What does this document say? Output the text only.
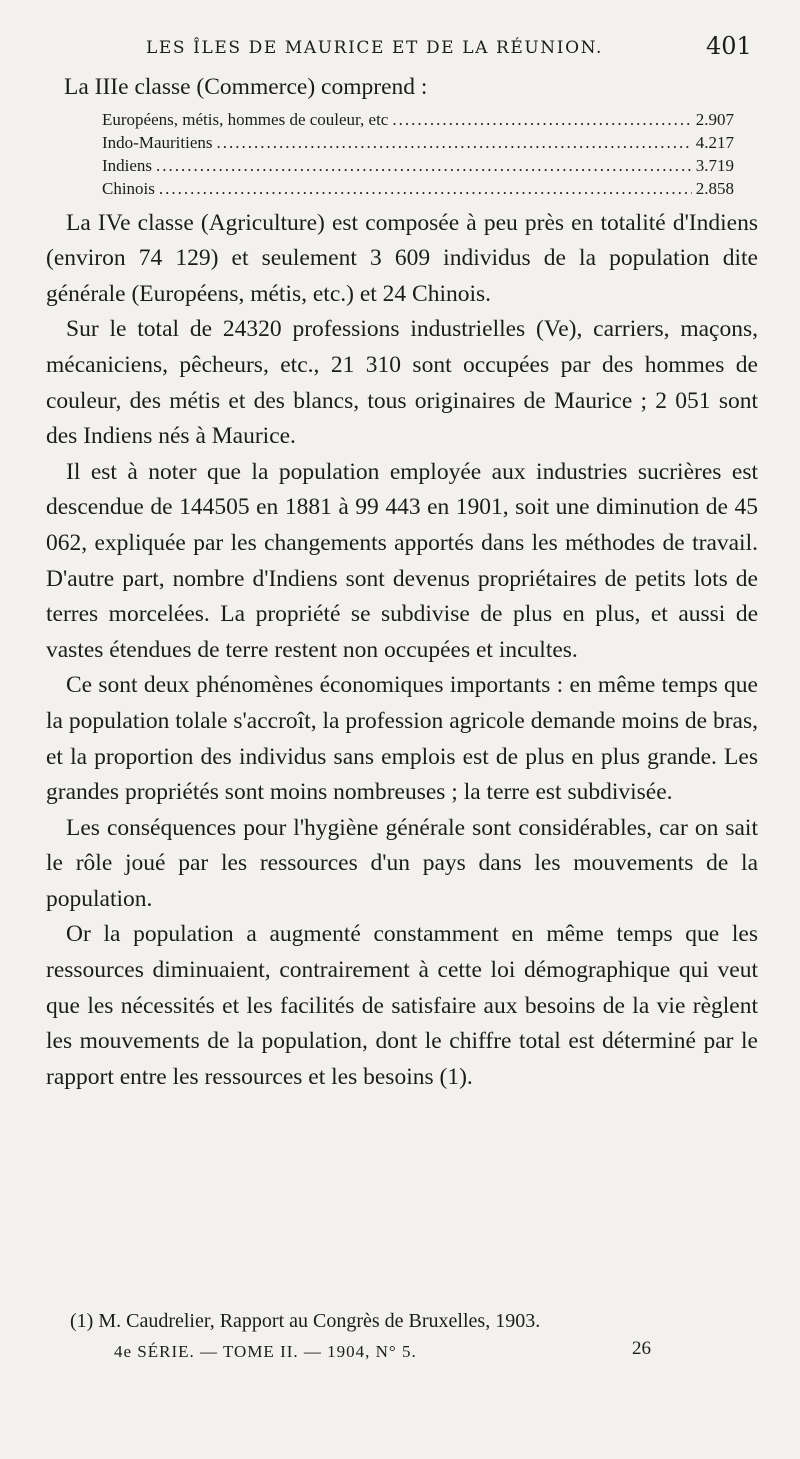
LES ÎLES DE MAURICE ET DE LA RÉUNION.	401

La IIIe classe (Commerce) comprend :

Européens, métis, hommes de couleur, etc .....	2.907
Indo-Mauritiens .....	4.217
Indiens .....	3.719
Chinois .....	2.858

La IVe classe (Agriculture) est composée à peu près en totalité d'Indiens (environ 74 129) et seulement 3 609 individus de la population dite générale (Européens, métis, etc.) et 24 Chinois.

Sur le total de 24320 professions industrielles (Ve), carriers, maçons, mécaniciens, pêcheurs, etc., 21 310 sont occupées par des hommes de couleur, des métis et des blancs, tous originaires de Maurice ; 2 051 sont des Indiens nés à Maurice.

Il est à noter que la population employée aux industries sucrières est descendue de 144505 en 1881 à 99 443 en 1901, soit une diminution de 45 062, expliquée par les changements apportés dans les méthodes de travail. D'autre part, nombre d'Indiens sont devenus propriétaires de petits lots de terres morcelées. La propriété se subdivise de plus en plus, et aussi de vastes étendues de terre restent non occupées et incultes.

Ce sont deux phénomènes économiques importants : en même temps que la population tolale s'accroît, la profession agricole demande moins de bras, et la proportion des individus sans emplois est de plus en plus grande. Les grandes propriétés sont moins nombreuses ; la terre est subdivisée.

Les conséquences pour l'hygiène générale sont considérables, car on sait le rôle joué par les ressources d'un pays dans les mouvements de la population.

Or la population a augmenté constamment en même temps que les ressources diminuaient, contrairement à cette loi démographique qui veut que les nécessités et les facilités de satisfaire aux besoins de la vie règlent les mouvements de la population, dont le chiffre total est déterminé par le rapport entre les ressources et les besoins (1).

(1) M. Caudrelier, Rapport au Congrès de Bruxelles, 1903.
4e SÉRIE. — TOME II. — 1904, N° 5.	26
